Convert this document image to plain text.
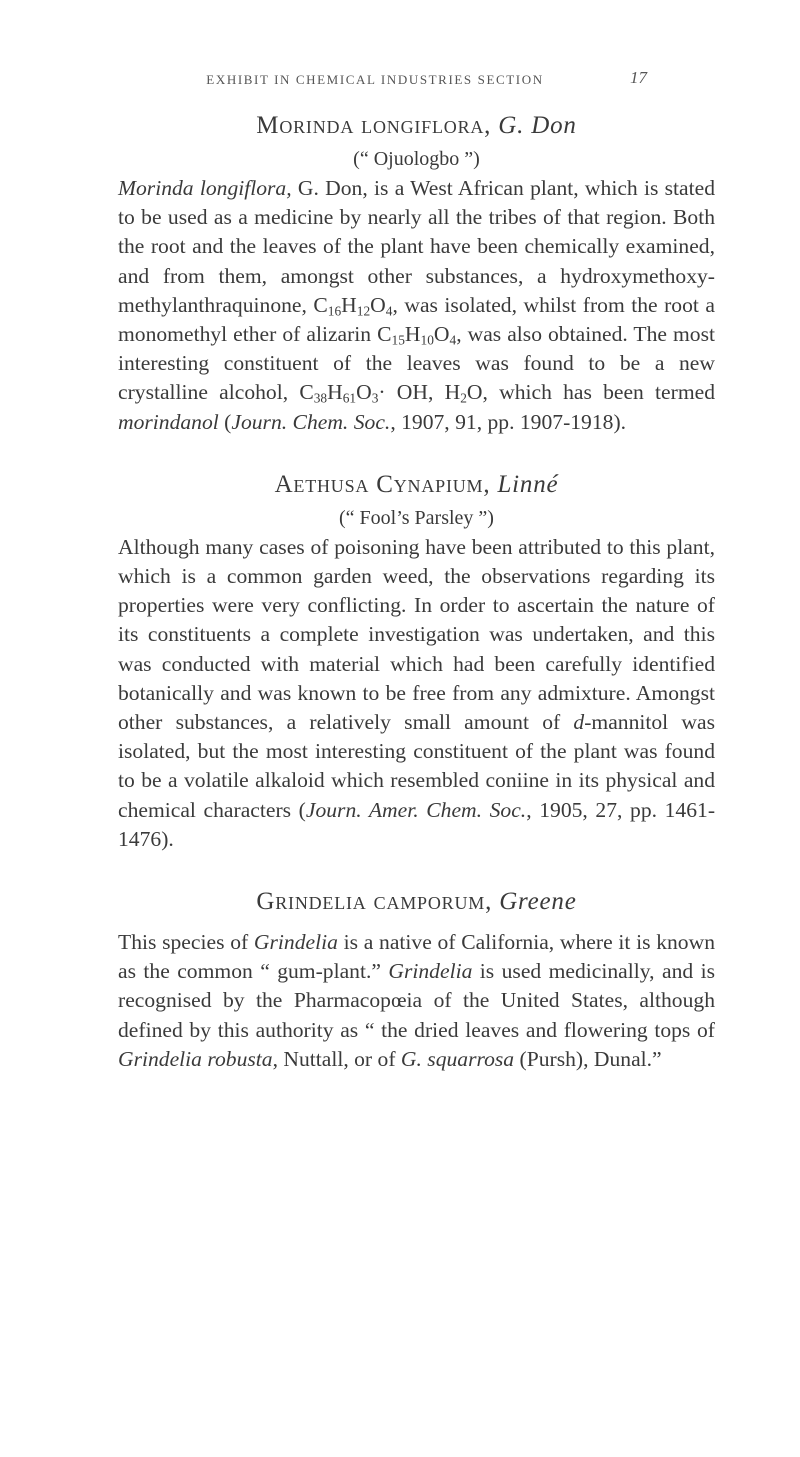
EXHIBIT IN CHEMICAL INDUSTRIES SECTION	17

Morinda longiflora, G. Don

(“ Ojuologbo ”)

Morinda longiflora, G. Don, is a West African plant, which is stated to be used as a medicine by nearly all the tribes of that region. Both the root and the leaves of the plant have been chemically examined, and from them, amongst other substances, a hydroxymethoxy-methylanthraquinone, $C_{16}H_{12}O_4$, was isolated, whilst from the root a monomethyl ether of alizarin $C_{15}H_{10}O_4$, was also obtained. The most interesting constituent of the leaves was found to be a new crystalline alcohol, $C_{38}H_{61}O_3\cdot$ OH, $H_2O$, which has been termed morindanol (Journ. Chem. Soc., 1907, 91, pp. 1907-1918).

Aethusa Cynapium, Linné

(“ Fool’s Parsley ”)

Although many cases of poisoning have been attributed to this plant, which is a common garden weed, the observations regarding its properties were very conflicting. In order to ascertain the nature of its constituents a complete investigation was undertaken, and this was conducted with material which had been carefully identified botanically and was known to be free from any admixture. Amongst other substances, a relatively small amount of d-mannitol was isolated, but the most interesting constituent of the plant was found to be a volatile alkaloid which resembled coniine in its physical and chemical characters (Journ. Amer. Chem. Soc., 1905, 27, pp. 1461-1476).

Grindelia camporum, Greene

This species of Grindelia is a native of California, where it is known as the common “ gum-plant.” Grindelia is used medicinally, and is recognised by the Pharmacopœia of the United States, although defined by this authority as “ the dried leaves and flowering tops of Grindelia robusta, Nuttall, or of G. squarrosa (Pursh), Dunal.”
